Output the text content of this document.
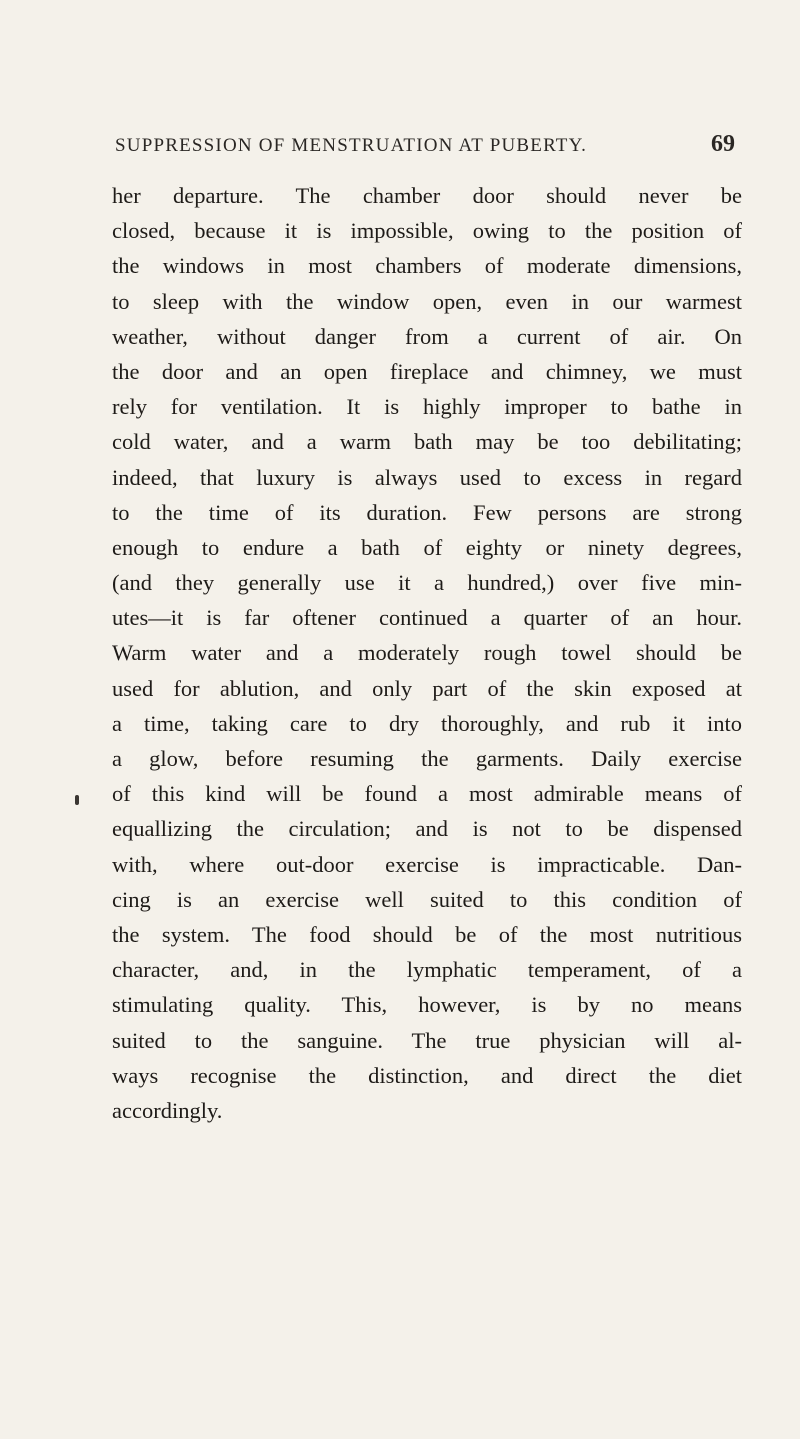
SUPPRESSION OF MENSTRUATION AT PUBERTY.	69
her departure. The chamber door should never be
closed, because it is impossible, owing to the position of
the windows in most chambers of moderate dimensions,
to sleep with the window open, even in our warmest
weather, without danger from a current of air. On
the door and an open fireplace and chimney, we must
rely for ventilation. It is highly improper to bathe in
cold water, and a warm bath may be too debilitating;
indeed, that luxury is always used to excess in regard
to the time of its duration. Few persons are strong
enough to endure a bath of eighty or ninety degrees,
(and they generally use it a hundred,) over five min-
utes—it is far oftener continued a quarter of an hour.
Warm water and a moderately rough towel should be
used for ablution, and only part of the skin exposed at
a time, taking care to dry thoroughly, and rub it into
a glow, before resuming the garments. Daily exercise
of this kind will be found a most admirable means of
equallizing the circulation; and is not to be dispensed
with, where out-door exercise is impracticable. Dan-
cing is an exercise well suited to this condition of
the system. The food should be of the most nutritious
character, and, in the lymphatic temperament, of a
stimulating quality. This, however, is by no means
suited to the sanguine. The true physician will al-
ways recognise the distinction, and direct the diet
accordingly.
